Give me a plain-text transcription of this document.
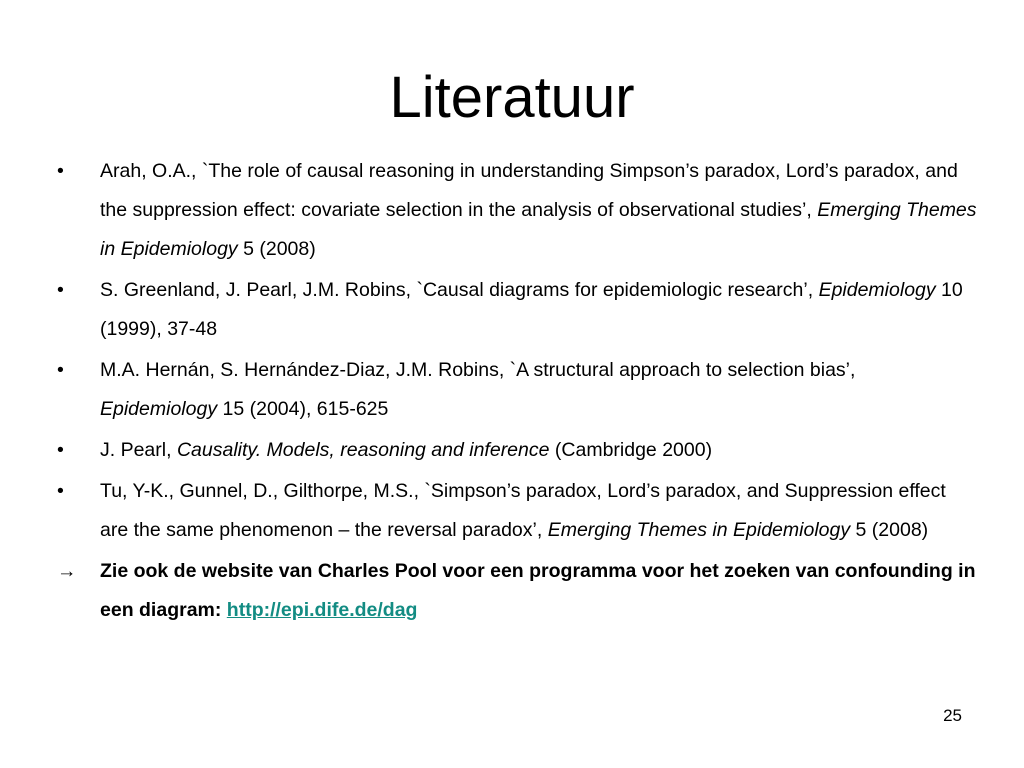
Literatuur
•	Arah, O.A., `The role of causal reasoning in understanding Simpson’s paradox, Lord’s paradox, and the suppression effect: covariate selection in the analysis of observational studies’, Emerging Themes in Epidemiology 5 (2008)
•	S. Greenland, J. Pearl, J.M. Robins, `Causal diagrams for epidemiologic research’, Epidemiology 10 (1999), 37-48
•	M.A. Hernán, S. Hernández-Diaz, J.M. Robins, `A structural approach to selection bias’, Epidemiology 15 (2004), 615-625
•	J. Pearl, Causality. Models, reasoning and inference (Cambridge 2000)
•	Tu, Y-K., Gunnel, D., Gilthorpe, M.S., `Simpson’s paradox, Lord’s paradox, and Suppression effect are the same phenomenon – the reversal paradox’, Emerging Themes in Epidemiology 5 (2008)
→	Zie ook de website van Charles Pool voor een programma voor het zoeken van confounding in een diagram: http://epi.dife.de/dag
25
